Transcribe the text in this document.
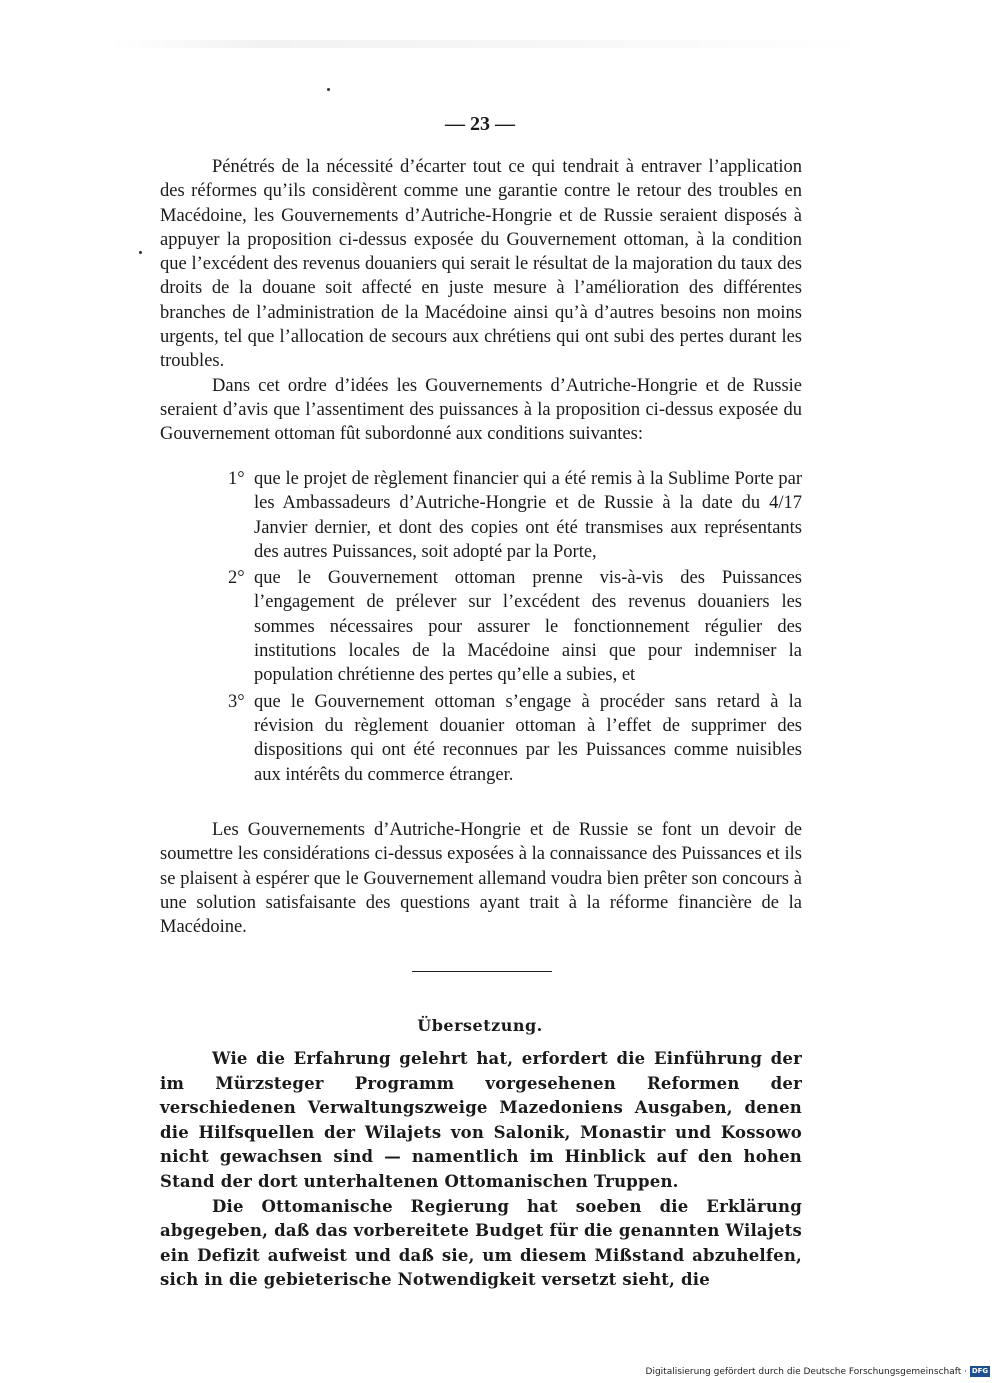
— 23 —

Pénétrés de la nécessité d’écarter tout ce qui tendrait à entraver l’application des réformes qu’ils considèrent comme une garantie contre le retour des troubles en Macédoine, les Gouvernements d’Autriche-Hongrie et de Russie seraient disposés à appuyer la proposition ci-dessus exposée du Gouvernement ottoman, à la condition que l’excédent des revenus douaniers qui serait le résultat de la majoration du taux des droits de la douane soit affecté en juste mesure à l’amélioration des différentes branches de l’administration de la Macédoine ainsi qu’à d’autres besoins non moins urgents, tel que l’allocation de secours aux chrétiens qui ont subi des pertes durant les troubles.

Dans cet ordre d’idées les Gouvernements d’Autriche-Hongrie et de Russie seraient d’avis que l’assentiment des puissances à la proposition ci-dessus exposée du Gouvernement ottoman fût subordonné aux conditions suivantes:

1° que le projet de règlement financier qui a été remis à la Sublime Porte par les Ambassadeurs d’Autriche-Hongrie et de Russie à la date du 4/17 Janvier dernier, et dont des copies ont été transmises aux représentants des autres Puissances, soit adopté par la Porte,
2° que le Gouvernement ottoman prenne vis-à-vis des Puissances l’engagement de prélever sur l’excédent des revenus douaniers les sommes nécessaires pour assurer le fonctionnement régulier des institutions locales de la Macédoine ainsi que pour indemniser la population chrétienne des pertes qu’elle a subies, et
3° que le Gouvernement ottoman s’engage à procéder sans retard à la révision du règlement douanier ottoman à l’effet de supprimer des dispositions qui ont été reconnues par les Puissances comme nuisibles aux intérêts du commerce étranger.

Les Gouvernements d’Autriche-Hongrie et de Russie se font un devoir de soumettre les considérations ci-dessus exposées à la connaissance des Puissances et ils se plaisent à espérer que le Gouvernement allemand voudra bien prêter son concours à une solution satisfaisante des questions ayant trait à la réforme financière de la Macédoine.

Übersetzung.

Wie die Erfahrung gelehrt hat, erfordert die Einführung der im Mürzsteger Programm vorgesehenen Reformen der verschiedenen Verwaltungszweige Mazedoniens Ausgaben, denen die Hilfsquellen der Wilajets von Salonik, Monastir und Kossowo nicht gewachsen sind — namentlich im Hinblick auf den hohen Stand der dort unterhaltenen Ottomanischen Truppen.

Die Ottomanische Regierung hat soeben die Erklärung abgegeben, daß das vorbereitete Budget für die genannten Wilajets ein Defizit aufweist und daß sie, um diesem Mißstand abzuhelfen, sich in die gebieterische Notwendigkeit versetzt sieht, die

Digitalisierung gefördert durch die Deutsche Forschungsgemeinschaft · DFG
